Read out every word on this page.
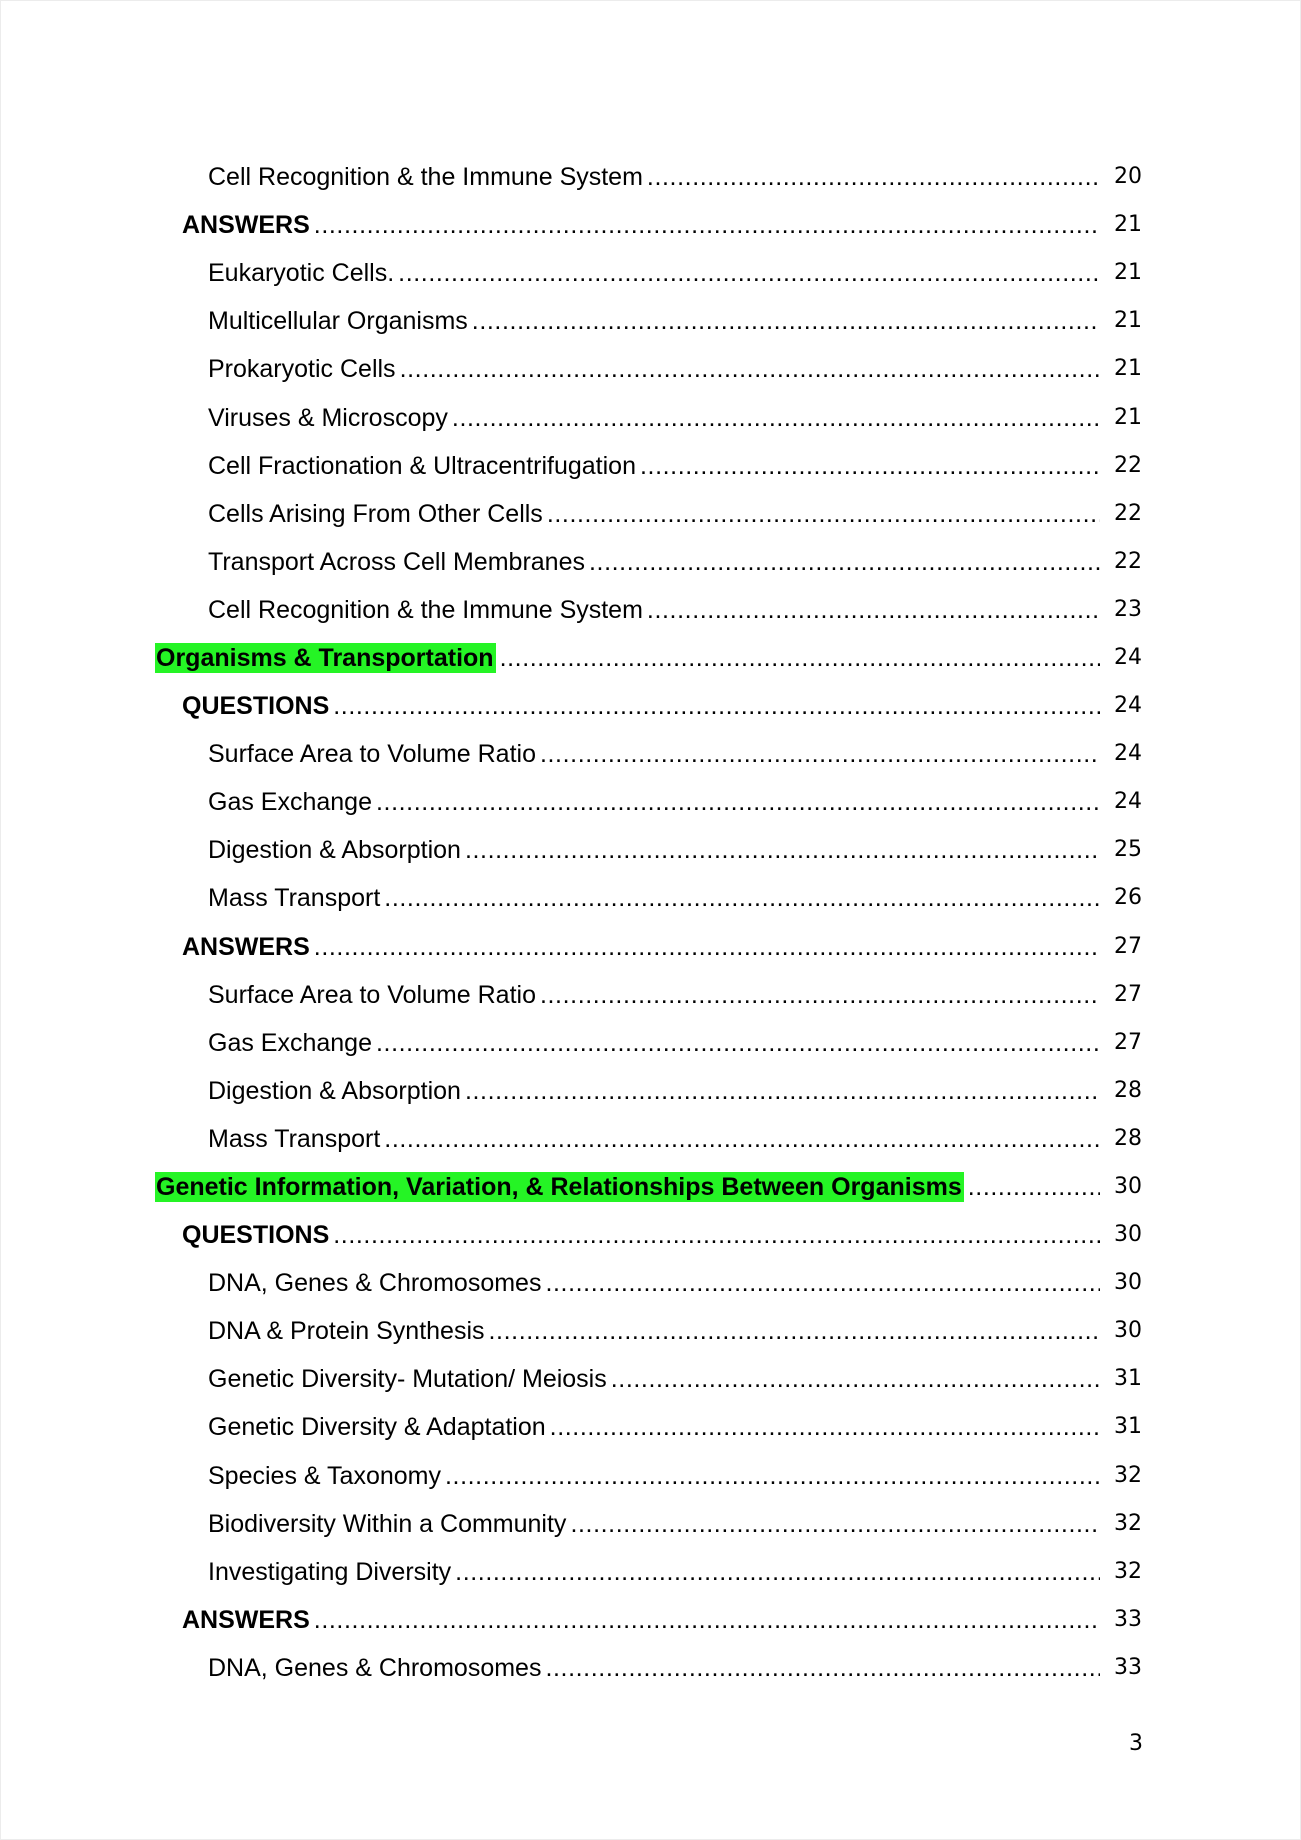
Cell Recognition & the Immune System .....	20
ANSWERS .....	21
Eukaryotic Cells. .....	21
Multicellular Organisms .....	21
Prokaryotic Cells .....	21
Viruses & Microscopy .....	21
Cell Fractionation & Ultracentrifugation .....	22
Cells Arising From Other Cells .....	22
Transport Across Cell Membranes .....	22
Cell Recognition & the Immune System .....	23
Organisms & Transportation .....	24
QUESTIONS .....	24
Surface Area to Volume Ratio .....	24
Gas Exchange .....	24
Digestion & Absorption .....	25
Mass Transport .....	26
ANSWERS .....	27
Surface Area to Volume Ratio .....	27
Gas Exchange .....	27
Digestion & Absorption .....	28
Mass Transport .....	28
Genetic Information, Variation, & Relationships Between Organisms .....	30
QUESTIONS .....	30
DNA, Genes & Chromosomes .....	30
DNA & Protein Synthesis .....	30
Genetic Diversity- Mutation/ Meiosis .....	31
Genetic Diversity & Adaptation .....	31
Species & Taxonomy .....	32
Biodiversity Within a Community .....	32
Investigating Diversity .....	32
ANSWERS .....	33
DNA, Genes & Chromosomes .....	33
3
